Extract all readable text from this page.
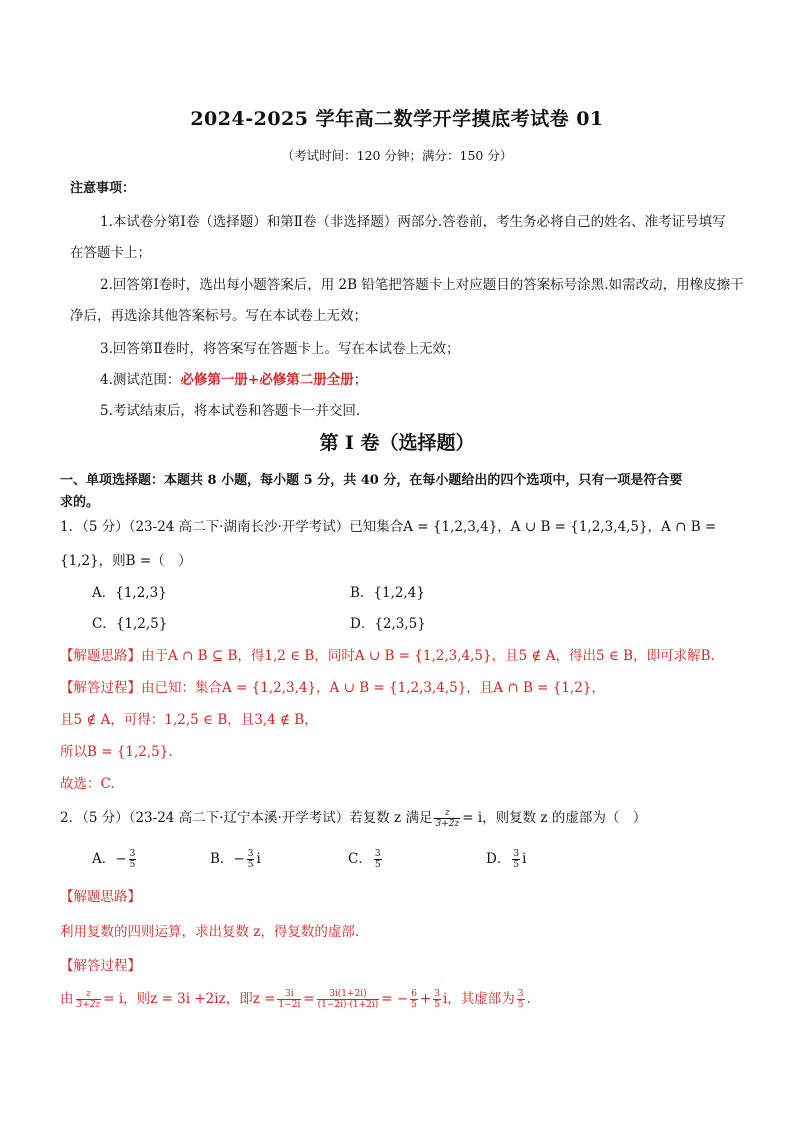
2024-2025 学年高二数学开学摸底考试卷 01
（考试时间：120 分钟；满分：150 分）
注意事项：
1.本试卷分第Ⅰ卷（选择题）和第Ⅱ卷（非选择题）两部分.答卷前，考生务必将自己的姓名、准考证号填写
在答题卡上；
2.回答第Ⅰ卷时，选出每小题答案后，用 2B 铅笔把答题卡上对应题目的答案标号涂黑.如需改动，用橡皮擦干
净后，再选涂其他答案标号。写在本试卷上无效；
3.回答第Ⅱ卷时，将答案写在答题卡上。写在本试卷上无效；
4.测试范围：必修第一册+必修第二册全册；
5.考试结束后，将本试卷和答题卡一并交回.
第 I 卷（选择题）
一、单项选择题：本题共 8 小题，每小题 5 分，共 40 分，在每小题给出的四个选项中，只有一项是符合要
求的。
1．（5 分）（23-24 高二下·湖南长沙·开学考试）已知集合A = {1,2,3,4}，A ∪ B = {1,2,3,4,5}，A ∩ B =
{1,2}，则B =（　）
A．{1,2,3}	B．{1,2,4}
C．{1,2,5}	D．{2,3,5}
【解题思路】由于A ∩ B ⊆ B，得1,2 ∈ B，同时A ∪ B = {1,2,3,4,5}，且5 ∉ A，得出5 ∈ B，即可求解B.
【解答过程】由已知：集合A = {1,2,3,4}，A ∪ B = {1,2,3,4,5}，且A ∩ B = {1,2}，
且5 ∉ A，可得：1,2,5 ∈ B，且3,4 ∉ B，
所以B = {1,2,5}.
故选：C.
2．（5 分）（23-24 高二下·辽宁本溪·开学考试）若复数 z 满足 $\frac{z}{3+2z} = i$，则复数 z 的虚部为（　）
A．− $\frac{3}{5}$	B．− $\frac{3}{5}$ i	C． $\frac{3}{5}$	D． $\frac{3}{5}$ i
【解题思路】
利用复数的四则运算，求出复数 z，得复数的虚部.
【解答过程】
由 $\frac{z}{3+2z} = i$，则z = 3i +2iz，即$z = \frac{3i}{1-2i} = \frac{3i(1+2i)}{(1-2i)\cdot(1+2i)}$ = − $\frac{6}{5} + \frac{3}{5}$ i，其虚部为 $\frac{3}{5}$ .
